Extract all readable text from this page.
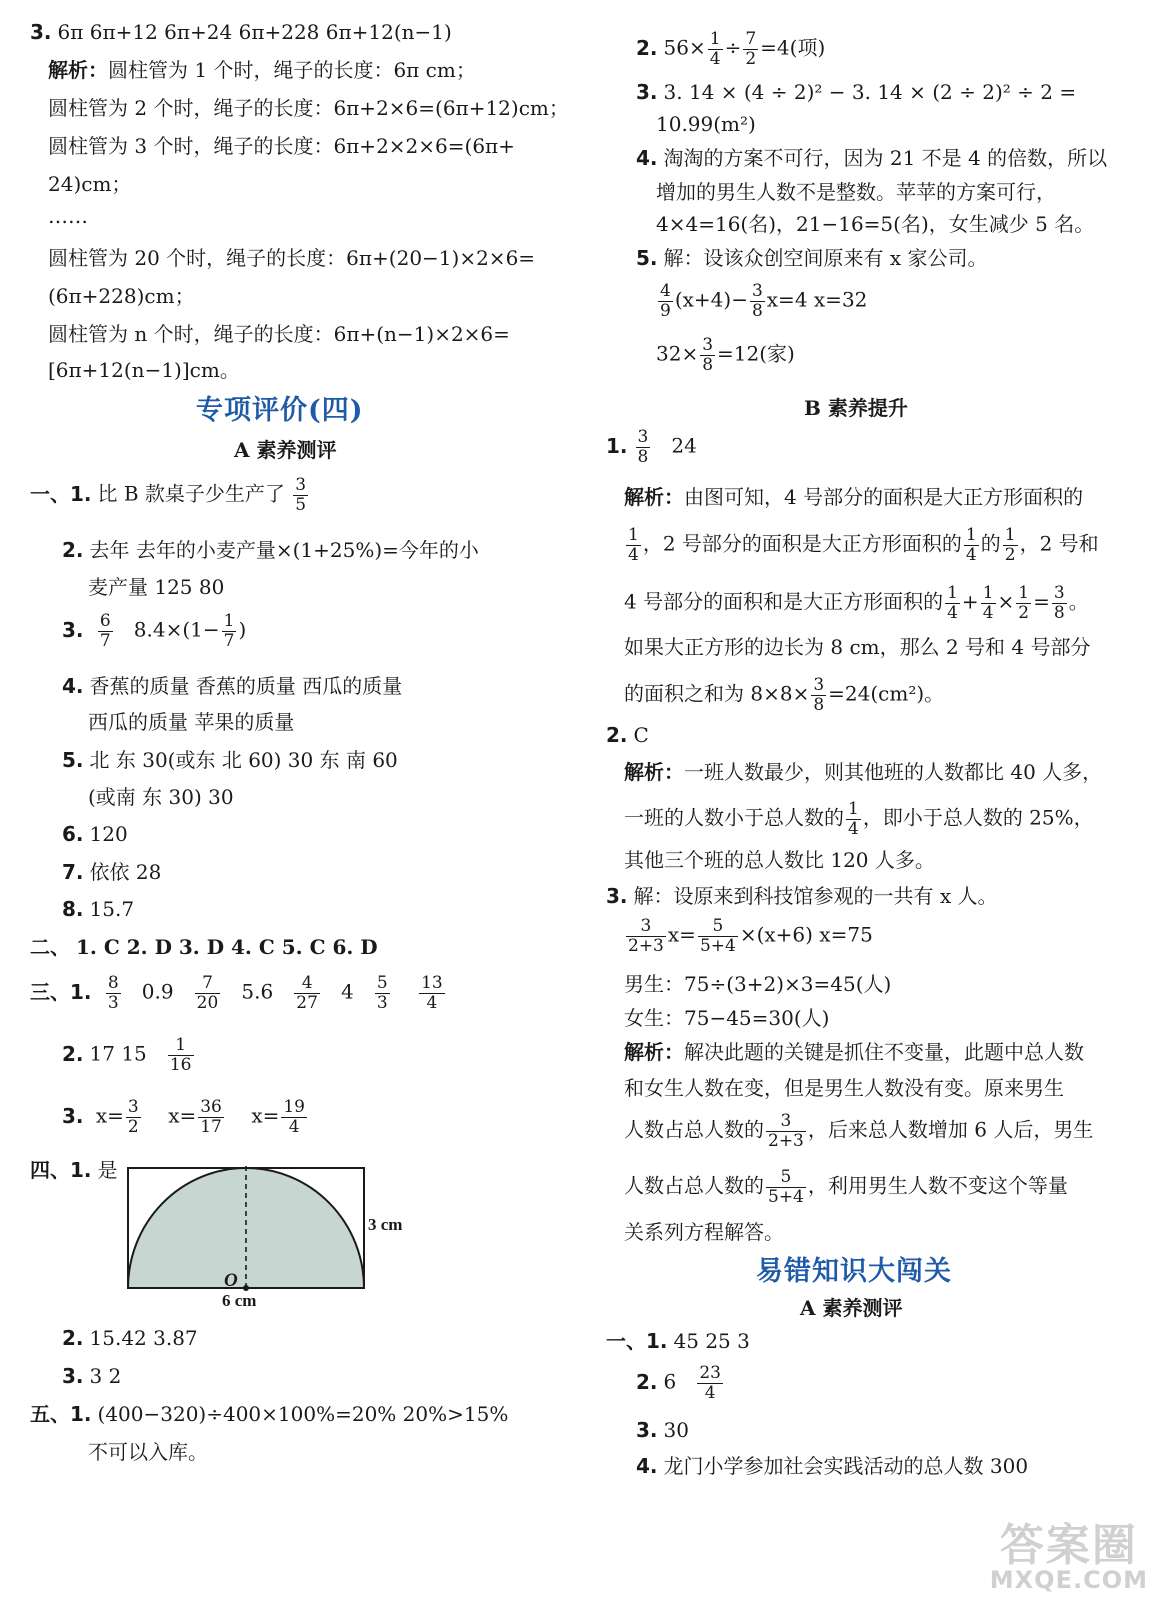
3. 6π 6π+12 6π+24 6π+228 6π+12(n−1)
解析：圆柱管为 1 个时，绳子的长度：6π cm；
圆柱管为 2 个时，绳子的长度：6π+2×6=(6π+12)cm；
圆柱管为 3 个时，绳子的长度：6π+2×2×6=(6π+
24)cm；
……
圆柱管为 20 个时，绳子的长度：6π+(20−1)×2×6=
(6π+228)cm；
圆柱管为 n 个时，绳子的长度：6π+(n−1)×2×6=
[6π+12(n−1)]cm。
专项评价(四)
A 素养测评
一、1. 比 B 款桌子少生产了 $\frac{3}{5}$
2. 去年 去年的小麦产量×(1+25%)=今年的小
麦产量 125 80
3. $\frac{6}{7} 8.4\times(1- \frac{1}{7}$ )
4. 香蕉的质量 香蕉的质量 西瓜的质量
西瓜的质量 苹果的质量
5. 北 东 30(或东 北 60) 30 东 南 60
(或南 东 30) 30
6. 120
7. 依依 28
8. 15.7
二、 1. C 2. D 3. D 4. C 5. C 6. D
三、1. $\frac{8}{3} 0.9 \frac{7}{20} 5.6 \frac{4}{27} 4 \frac{5}{3}$
$\frac{13}{4}$
2. 17 $15 \frac{1}{16}$
3. $x= \frac{3}{2} x= \frac{36}{17} x= \frac{19}{4}$
四、1. 是
3 cm
O
6 cm
2. 15.42 3.87
3. 3 2
五、1. (400−320)÷400×100%=20% 20%>15%
不可以入库。
2. $56\times \frac{1}{4} \div \frac{7}{2} =4$(项)
3. 3. 14 × (4 ÷ 2)² − 3. 14 × (2 ÷ 2)² ÷ 2 =
10.99(m²)
4. 淘淘的方案不可行，因为 21 不是 4 的倍数，所以
增加的男生人数不是整数。苹苹的方案可行，
4×4=16(名)，21−16=5(名)，女生减少 5 名。
5. 解：设该众创空间原来有 x 家公司。
$\frac{4}{9} (x+4)- \frac{3}{8} x=4$ x=32
$32\times \frac{3}{8} =12$(家)
B 素养提升
1. $\frac{3}{8} 24$
解析：由图可知，4 号部分的面积是大正方形面积的
$\frac{1}{4}$ ，2 号部分的面积是大正方形面积的 $\frac{1}{4}$ 的 $\frac{1}{2}$ ，2 号和
4 号部分的面积和是大正方形面积的 $\frac{1}{4} + \frac{1}{4} \times \frac{1}{2} = \frac{3}{8}$ 。
如果大正方形的边长为 8 cm，那么 2 号和 4 号部分
的面积之和为 $8\times 8\times \frac{3}{8} =24(cm^2)$。
2. C
解析：一班人数最少，则其他班的人数都比 40 人多，
一班的人数小于总人数的 $\frac{1}{4}$ ，即小于总人数的 25%，
其他三个班的总人数比 120 人多。
3. 解：设原来到科技馆参观的一共有 x 人。
$\frac{3}{2+3} x= \frac{5}{5+4} \times(x+6)$ x=75
男生：75÷(3+2)×3=45(人)
女生：75−45=30(人)
解析：解决此题的关键是抓住不变量，此题中总人数
和女生人数在变，但是男生人数没有变。原来男生
人数占总人数的 $\frac{3}{2+3}$ ，后来总人数增加 6 人后，男生
人数占总人数的 $\frac{5}{5+4}$ ，利用男生人数不变这个等量
关系列方程解答。
易错知识大闯关
A 素养测评
一、1. 45 25 3
2. $6 \frac{23}{4}$
3. 30
4. 龙门小学参加社会实践活动的总人数 300
答案圈
MXQE.COM
